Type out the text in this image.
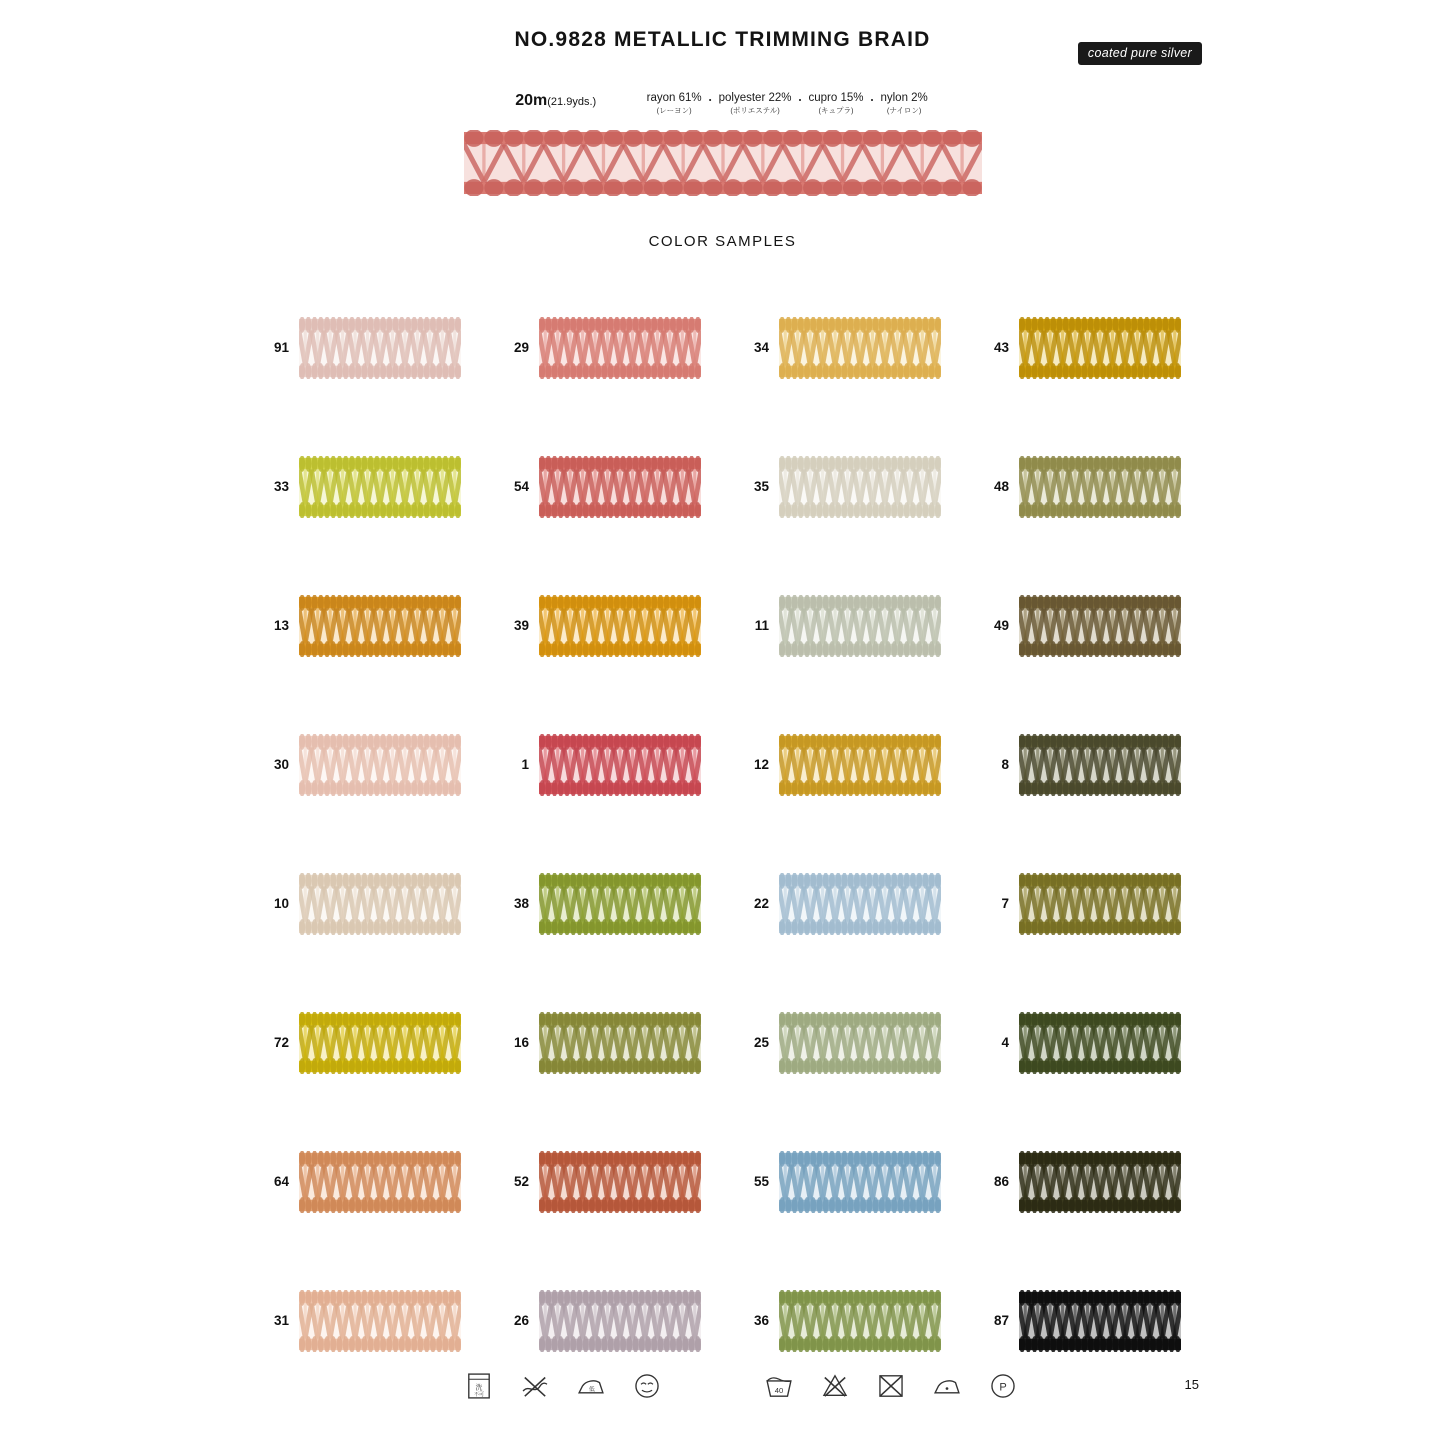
NO.9828 METALLIC TRIMMING BRAID
coated pure silver
20m(21.9yds.)	rayon 61%
(レーヨン)
・ polyester 22%
(ポリエステル)
・ cupro 15%
(キュプラ)
・ nylon 2%
(ナイロン)
COLOR SAMPLES
91	29	34	43
33	54	35	48
13	39	11	49
30	1	12	8
10	38	22	7
72	16	25	4
64	52	55	86
31	26	36	87
洗
不可
低	40	P	15
